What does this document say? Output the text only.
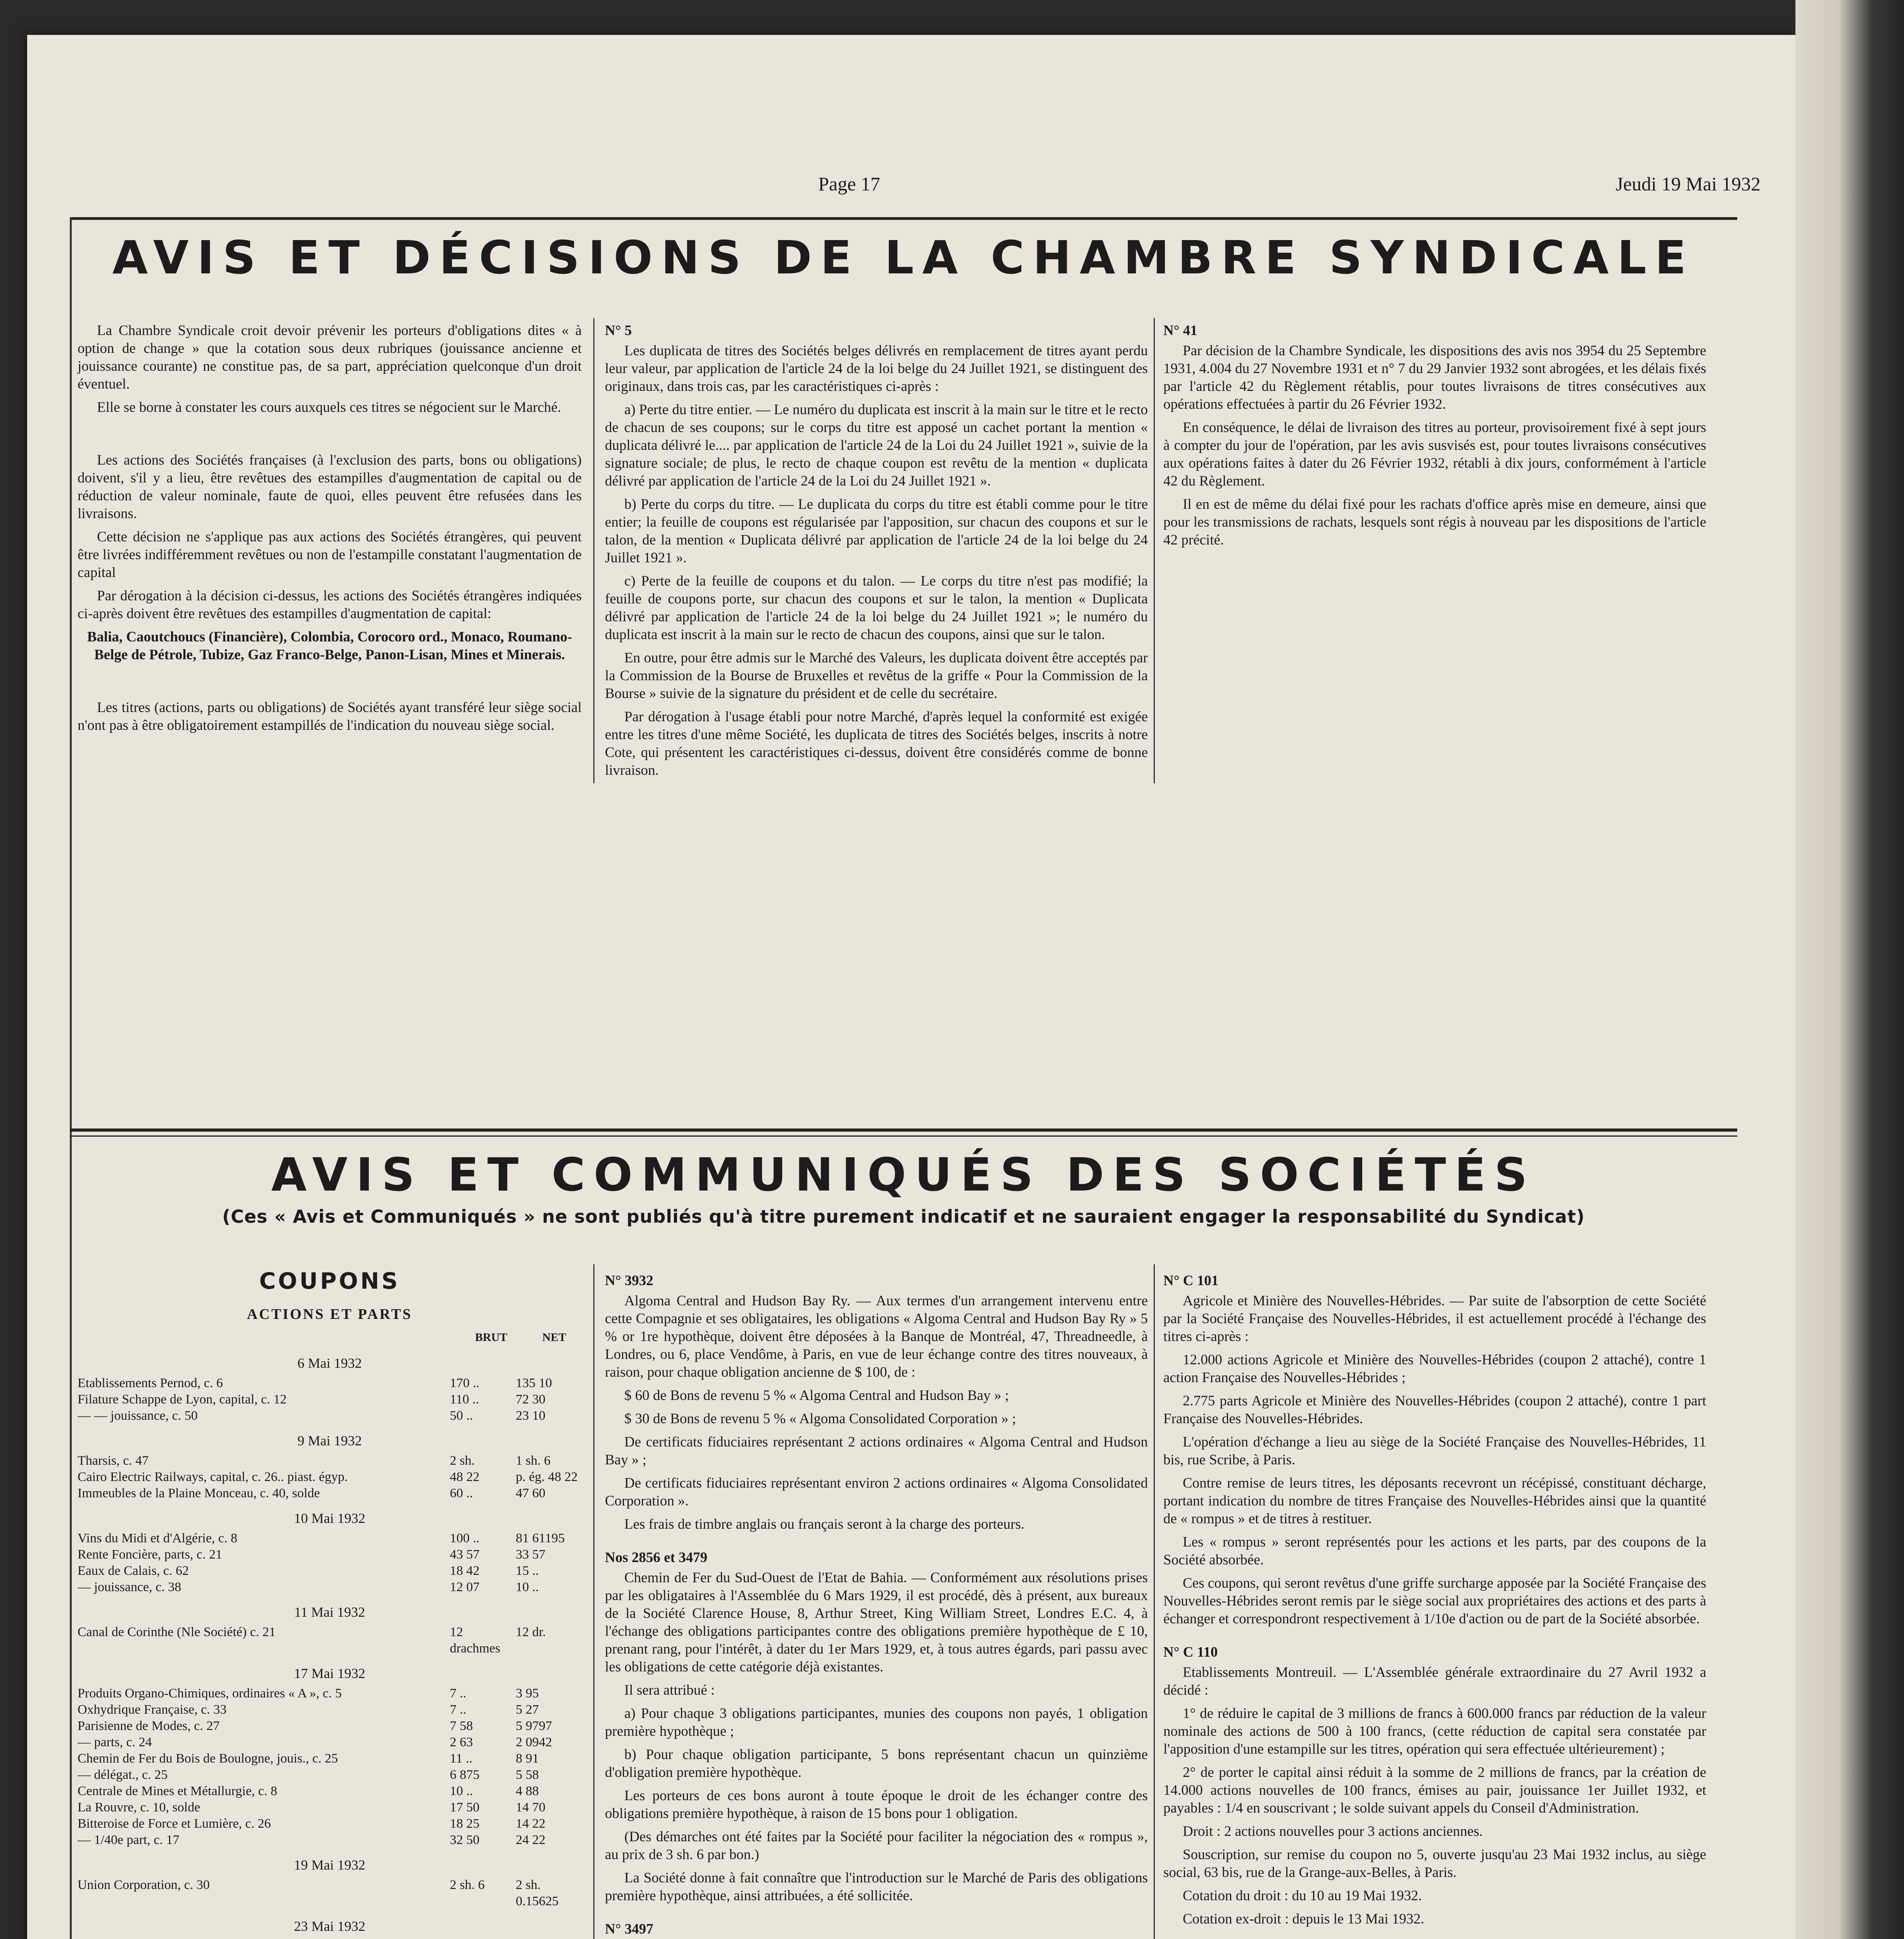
Page 17	Jeudi 19 Mai 1932
AVIS ET DÉCISIONS DE LA CHAMBRE SYNDICALE

La Chambre Syndicale croit devoir prévenir les porteurs d'obligations dites « à option de change » que la cotation sous deux rubriques (jouissance ancienne et jouissance courante) ne constitue pas, de sa part, appréciation quelconque d'un droit éventuel.

Elle se borne à constater les cours auxquels ces titres se négocient sur le Marché.

Les actions des Sociétés françaises (à l'exclusion des parts, bons ou obligations) doivent, s'il y a lieu, être revêtues des estampilles d'augmentation de capital ou de réduction de valeur nominale, faute de quoi, elles peuvent être refusées dans les livraisons.

Cette décision ne s'applique pas aux actions des Sociétés étrangères, qui peuvent être livrées indifféremment revêtues ou non de l'estampille constatant l'augmentation de capital

Par dérogation à la décision ci-dessus, les actions des Sociétés étrangères indiquées ci-après doivent être revêtues des estampilles d'augmentation de capital:

Balia, Caoutchoucs (Financière), Colombia, Corocoro ord., Monaco, Roumano-Belge de Pétrole, Tubize, Gaz Franco-Belge, Panon-Lisan, Mines et Minerais.

Les titres (actions, parts ou obligations) de Sociétés ayant transféré leur siège social n'ont pas à être obligatoirement estampillés de l'indication du nouveau siège social.

N° 5

Les duplicata de titres des Sociétés belges délivrés en remplacement de titres ayant perdu leur valeur, par application de l'article 24 de la loi belge du 24 Juillet 1921, se distinguent des originaux, dans trois cas, par les caractéristiques ci-après :

a) Perte du titre entier. — Le numéro du duplicata est inscrit à la main sur le titre et le recto de chacun de ses coupons; sur le corps du titre est apposé un cachet portant la mention « duplicata délivré le.... par application de l'article 24 de la Loi du 24 Juillet 1921 », suivie de la signature sociale; de plus, le recto de chaque coupon est revêtu de la mention « duplicata délivré par application de l'article 24 de la Loi du 24 Juillet 1921 ».

b) Perte du corps du titre. — Le duplicata du corps du titre est établi comme pour le titre entier; la feuille de coupons est régularisée par l'apposition, sur chacun des coupons et sur le talon, de la mention « Duplicata délivré par application de l'article 24 de la loi belge du 24 Juillet 1921 ».

c) Perte de la feuille de coupons et du talon. — Le corps du titre n'est pas modifié; la feuille de coupons porte, sur chacun des coupons et sur le talon, la mention « Duplicata délivré par application de l'article 24 de la loi belge du 24 Juillet 1921 »; le numéro du duplicata est inscrit à la main sur le recto de chacun des coupons, ainsi que sur le talon.

En outre, pour être admis sur le Marché des Valeurs, les duplicata doivent être acceptés par la Commission de la Bourse de Bruxelles et revêtus de la griffe « Pour la Commission de la Bourse » suivie de la signature du président et de celle du secrétaire.

Par dérogation à l'usage établi pour notre Marché, d'après lequel la conformité est exigée entre les titres d'une même Société, les duplicata de titres des Sociétés belges, inscrits à notre Cote, qui présentent les caractéristiques ci-dessus, doivent être considérés comme de bonne livraison.

N° 41

Par décision de la Chambre Syndicale, les dispositions des avis nos 3954 du 25 Septembre 1931, 4.004 du 27 Novembre 1931 et n° 7 du 29 Janvier 1932 sont abrogées, et les délais fixés par l'article 42 du Règlement rétablis, pour toutes livraisons de titres consécutives aux opérations effectuées à partir du 26 Février 1932.

En conséquence, le délai de livraison des titres au porteur, provisoirement fixé à sept jours à compter du jour de l'opération, par les avis susvisés est, pour toutes livraisons consécutives aux opérations faites à dater du 26 Février 1932, rétabli à dix jours, conformément à l'article 42 du Règlement.

Il en est de même du délai fixé pour les rachats d'office après mise en demeure, ainsi que pour les transmissions de rachats, lesquels sont régis à nouveau par les dispositions de l'article 42 précité.

AVIS ET COMMUNIQUÉS DES SOCIÉTÉS
(Ces « Avis et Communiqués » ne sont publiés qu'à titre purement indicatif et ne sauraient engager la responsabilité du Syndicat)
COUPONS
ACTIONS ET PARTS
BRUT	NET
6 Mai 1932
Etablissements Pernod, c. 6	170 ..	135 10
Filature Schappe de Lyon, capital, c. 12	110 ..	72 30
— — jouissance, c. 50	50 ..	23 10
9 Mai 1932
Tharsis, c. 47	2 sh.	1 sh. 6
Cairo Electric Railways, capital, c. 26.. piast. égyp.	48 22	p. ég. 48 22
Immeubles de la Plaine Monceau, c. 40, solde	60 ..	47 60
10 Mai 1932
Vins du Midi et d'Algérie, c. 8	100 ..	81 61195
Rente Foncière, parts, c. 21	43 57	33 57
Eaux de Calais, c. 62	18 42	15 ..
— jouissance, c. 38	12 07	10 ..
11 Mai 1932
Canal de Corinthe (Nle Société) c. 21	12 drachmes	12 dr.
17 Mai 1932
Produits Organo-Chimiques, ordinaires « A », c. 5	7 ..	3 95
Oxhydrique Française, c. 33	7 ..	5 27
Parisienne de Modes, c. 27	7 58	5 9797
— parts, c. 24	2 63	2 0942
Chemin de Fer du Bois de Boulogne, jouis., c. 25	11 ..	8 91
— délégat., c. 25	6 875	5 58
Centrale de Mines et Métallurgie, c. 8	10 ..	4 88
La Rouvre, c. 10, solde	17 50	14 70
Bitteroise de Force et Lumière, c. 26	18 25	14 22
— 1/40e part, c. 17	32 50	24 22
19 Mai 1932
Union Corporation, c. 30	2 sh. 6	2 sh. 0.15625
23 Mai 1932

N° 3932

Algoma Central and Hudson Bay Ry. — Aux termes d'un arrangement intervenu entre cette Compagnie et ses obligataires, les obligations « Algoma Central and Hudson Bay Ry » 5 % or 1re hypothèque, doivent être déposées à la Banque de Montréal, 47, Threadneedle, à Londres, ou 6, place Vendôme, à Paris, en vue de leur échange contre des titres nouveaux, à raison, pour chaque obligation ancienne de $ 100, de :

$ 60 de Bons de revenu 5 % « Algoma Central and Hudson Bay » ;

$ 30 de Bons de revenu 5 % « Algoma Consolidated Corporation » ;

De certificats fiduciaires représentant 2 actions ordinaires « Algoma Central and Hudson Bay » ;

De certificats fiduciaires représentant environ 2 actions ordinaires « Algoma Consolidated Corporation ».

Les frais de timbre anglais ou français seront à la charge des porteurs.

Nos 2856 et 3479

Chemin de Fer du Sud-Ouest de l'Etat de Bahia. — Conformément aux résolutions prises par les obligataires à l'Assemblée du 6 Mars 1929, il est procédé, dès à présent, aux bureaux de la Société Clarence House, 8, Arthur Street, King William Street, Londres E.C. 4, à l'échange des obligations participantes contre des obligations première hypothèque de £ 10, prenant rang, pour l'intérêt, à dater du 1er Mars 1929, et, à tous autres égards, pari passu avec les obligations de cette catégorie déjà existantes.

Il sera attribué :

a) Pour chaque 3 obligations participantes, munies des coupons non payés, 1 obligation première hypothèque ;

b) Pour chaque obligation participante, 5 bons représentant chacun un quinzième d'obligation première hypothèque.

Les porteurs de ces bons auront à toute époque le droit de les échanger contre des obligations première hypothèque, à raison de 15 bons pour 1 obligation.

(Des démarches ont été faites par la Société pour faciliter la négociation des « rompus », au prix de 3 sh. 6 par bon.)

La Société donne à fait connaître que l'introduction sur le Marché de Paris des obligations première hypothèque, ainsi attribuées, a été sollicitée.

N° 3497

N° C 101

Agricole et Minière des Nouvelles-Hébrides. — Par suite de l'absorption de cette Société par la Société Française des Nouvelles-Hébrides, il est actuellement procédé à l'échange des titres ci-après :

12.000 actions Agricole et Minière des Nouvelles-Hébrides (coupon 2 attaché), contre 1 action Française des Nouvelles-Hébrides ;

2.775 parts Agricole et Minière des Nouvelles-Hébrides (coupon 2 attaché), contre 1 part Française des Nouvelles-Hébrides.

L'opération d'échange a lieu au siège de la Société Française des Nouvelles-Hébrides, 11 bis, rue Scribe, à Paris.

Contre remise de leurs titres, les déposants recevront un récépissé, constituant décharge, portant indication du nombre de titres Française des Nouvelles-Hébrides ainsi que la quantité de « rompus » et de titres à restituer.

Les « rompus » seront représentés pour les actions et les parts, par des coupons de la Société absorbée.

Ces coupons, qui seront revêtus d'une griffe surcharge apposée par la Société Française des Nouvelles-Hébrides seront remis par le siège social aux propriétaires des actions et des parts à échanger et correspondront respectivement à 1/10e d'action ou de part de la Société absorbée.

N° C 110

Etablissements Montreuil. — L'Assemblée générale extraordinaire du 27 Avril 1932 a décidé :

1° de réduire le capital de 3 millions de francs à 600.000 francs par réduction de la valeur nominale des actions de 500 à 100 francs, (cette réduction de capital sera constatée par l'apposition d'une estampille sur les titres, opération qui sera effectuée ultérieurement) ;

2° de porter le capital ainsi réduit à la somme de 2 millions de francs, par la création de 14.000 actions nouvelles de 100 francs, émises au pair, jouissance 1er Juillet 1932, et payables : 1/4 en souscrivant ; le solde suivant appels du Conseil d'Administration.

Droit : 2 actions nouvelles pour 3 actions anciennes.

Souscription, sur remise du coupon no 5, ouverte jusqu'au 23 Mai 1932 inclus, au siège social, 63 bis, rue de la Grange-aux-Belles, à Paris.

Cotation du droit : du 10 au 19 Mai 1932.

Cotation ex-droit : depuis le 13 Mai 1932.
